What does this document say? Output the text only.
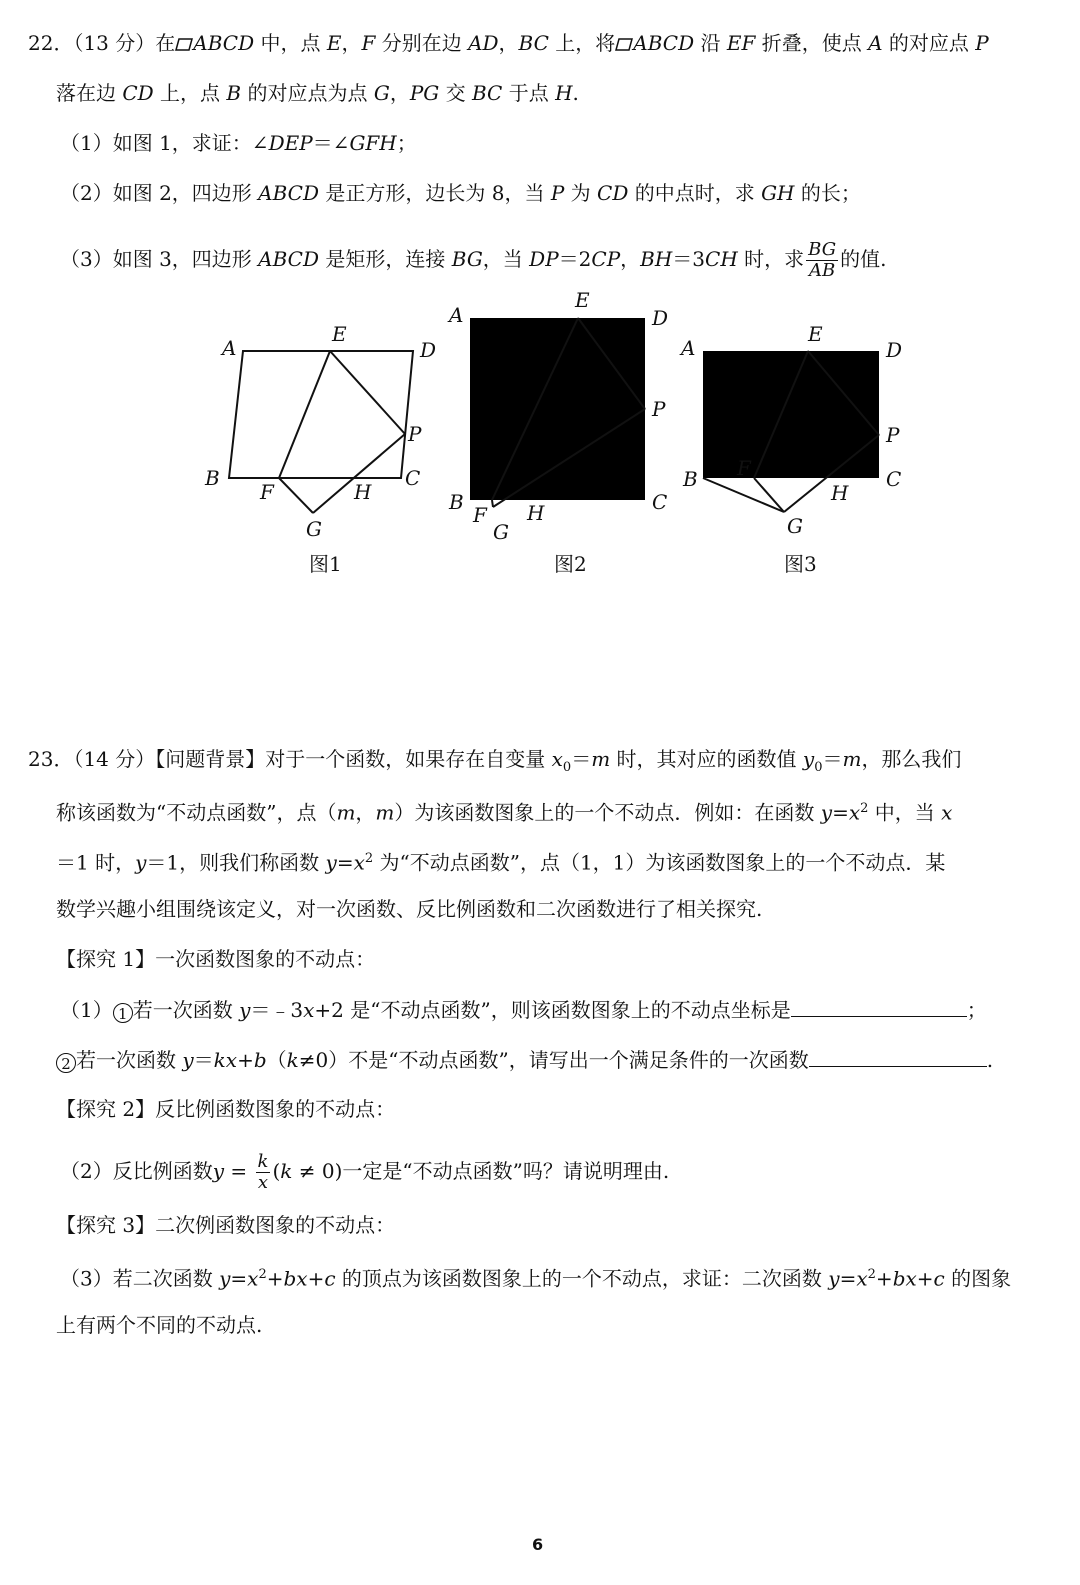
22．（13 分）在 ABCD 中，点 E，F 分别在边 AD，BC 上，将 ABCD 沿 EF 折叠，使点 A 的对应点 P
落在边 CD 上，点 B 的对应点为点 G，PG 交 BC 于点 H.
（1）如图 1，求证：∠DEP＝∠GFH；
（2）如图 2，四边形 ABCD 是正方形，边长为 8，当 P 为 CD 的中点时，求 GH 的长；
（3）如图 3，四边形 ABCD 是矩形，连接 BG，当 DP＝2CP，BH＝3CH 时，求 $\frac{BG}{AB}$ 的值.
A
E
D
P
B
F	H
C
G
图1
A
E
D
P
B
F
G
H	C
图2
A
E
D
P
B F
H
C
G
图3
23．（14 分）【问题背景】对于一个函数，如果存在自变量 $x_0=m$ 时，其对应的函数值 $y_0=m$，那么我们
称该函数为“不动点函数”，点（m，m）为该函数图象上的一个不动点．例如：在函数 $y=x^2$ 中，当 x
＝1 时，y＝1，则我们称函数 $y=x^2$ 为“不动点函数”，点（1，1）为该函数图象上的一个不动点．某
数学兴趣小组围绕该定义，对一次函数、反比例函数和二次函数进行了相关探究.
【探究 1】一次函数图象的不动点：
（1） 1 若一次函数 y＝﹣3x+2 是“不动点函数”，则该函数图象上的不动点坐标是	；
2 若一次函数 y＝kx+b（k≠0）不是“不动点函数”，请写出一个满足条件的一次函数	.
【探究 2】反比例函数图象的不动点：
（2）反比例函数$y = \frac{k}{x} (k \ne 0)$一定是“不动点函数”吗？请说明理由.
【探究 3】二次例函数图象的不动点：
（3）若二次函数 $y=x^2+bx+c$ 的顶点为该函数图象上的一个不动点，求证：二次函数 $y=x^2+bx+c$ 的图象
上有两个不同的不动点.
6
